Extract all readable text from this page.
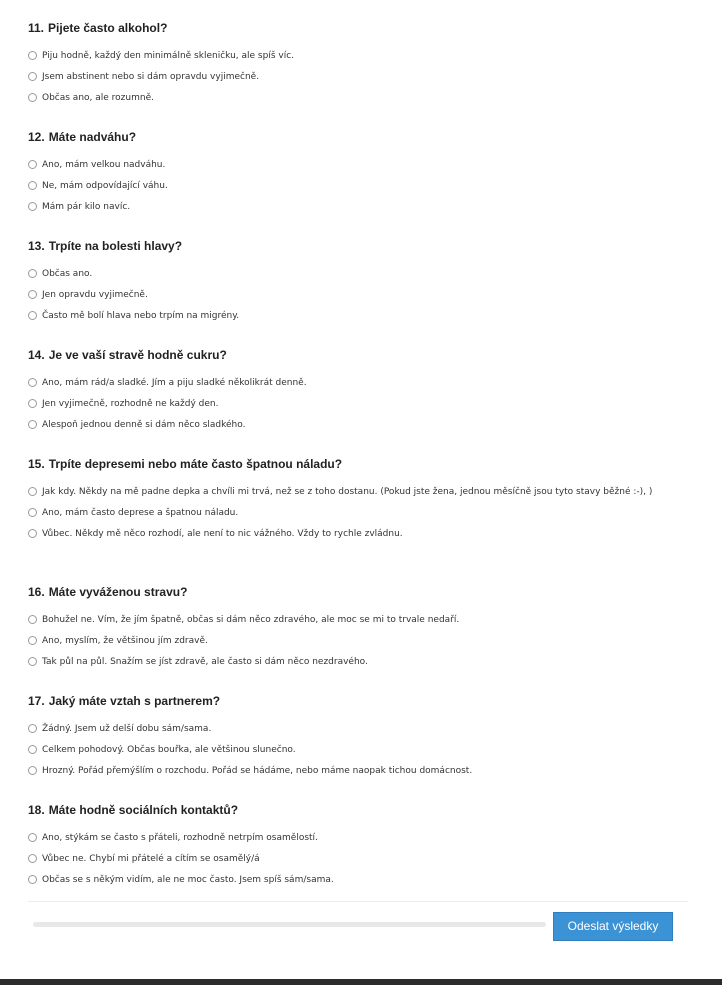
11. Pijete často alkohol?
Piju hodně, každý den minimálně skleničku, ale spíš víc.
Jsem abstinent nebo si dám opravdu vyjimečně.
Občas ano, ale rozumně.
12. Máte nadváhu?
Ano, mám velkou nadváhu.
Ne, mám odpovídající váhu.
Mám pár kilo navíc.
13. Trpíte na bolesti hlavy?
Občas ano.
Jen opravdu vyjimečně.
Často mě bolí hlava nebo trpím na migrény.
14. Je ve vaší stravě hodně cukru?
Ano, mám rád/a sladké. Jím a piju sladké několikrát denně.
Jen vyjimečně, rozhodně ne každý den.
Alespoň jednou denně si dám něco sladkého.
15. Trpíte depresemi nebo máte často špatnou náladu?
Jak kdy. Někdy na mě padne depka a chvíli mi trvá, než se z toho dostanu. (Pokud jste žena, jednou měsíčně jsou tyto stavy běžné :-), )
Ano, mám často deprese a špatnou náladu.
Vůbec. Někdy mě něco rozhodí, ale není to nic vážného. Vždy to rychle zvládnu.
16. Máte vyváženou stravu?
Bohužel ne. Vím, že jím špatně, občas si dám něco zdravého, ale moc se mi to trvale nedaří.
Ano, myslím, že většinou jím zdravě.
Tak půl na půl. Snažím se jíst zdravě, ale často si dám něco nezdravého.
17. Jaký máte vztah s partnerem?
Žádný. Jsem už delší dobu sám/sama.
Celkem pohodový. Občas bouřka, ale většinou slunečno.
Hrozný. Pořád přemýšlím o rozchodu. Pořád se hádáme, nebo máme naopak tichou domácnost.
18. Máte hodně sociálních kontaktů?
Ano, stýkám se často s přáteli, rozhodně netrpím osamělostí.
Vůbec ne. Chybí mi přátelé a cítím se osamělý/á
Občas se s někým vidím, ale ne moc často. Jsem spíš sám/sama.
Odeslat výsledky
